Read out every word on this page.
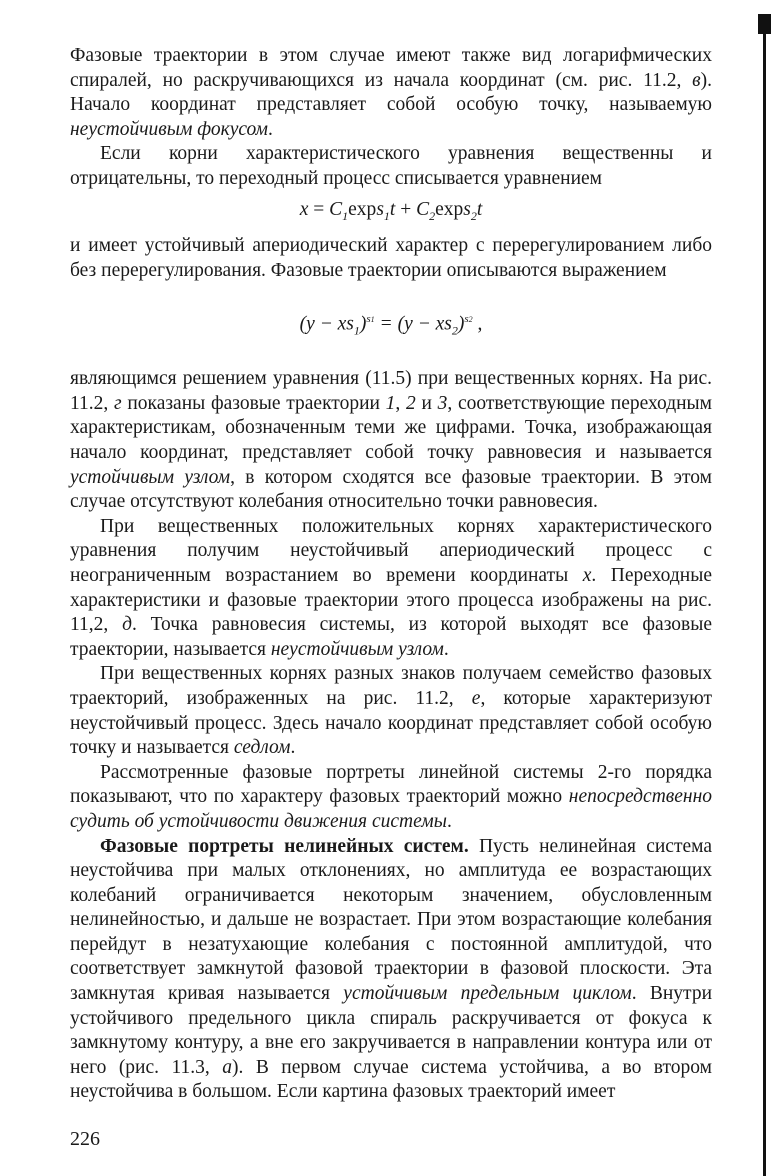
Фазовые траектории в этом случае имеют также вид логарифмических спиралей, но раскручивающихся из начала координат (см. рис. 11.2, в). Начало координат представляет собой особую точку, называемую неустойчивым фокусом.

Если корни характеристического уравнения вещественны и отрицательны, то переходный процесс списывается уравнением

$x = C_1\exp s_1t + C_2\exp s_2t$

и имеет устойчивый апериодический характер с перерегулированием либо без перерегулирования. Фазовые траектории описываются выражением

$(y - xs_1)^{s1} = (y - xs_2)^{s2}$ ,

являющимся решением уравнения (11.5) при вещественных корнях. На рис. 11.2, г показаны фазовые траектории 1, 2 и 3, соответствующие переходным характеристикам, обозначенным теми же цифрами. Точка, изображающая начало координат, представляет собой точку равновесия и называется устойчивым узлом, в котором сходятся все фазовые траектории. В этом случае отсутствуют колебания относительно точки равновесия.

При вещественных положительных корнях характеристического уравнения получим неустойчивый апериодический процесс с неограниченным возрастанием во времени координаты x. Переходные характеристики и фазовые траектории этого процесса изображены на рис. 11,2, д. Точка равновесия системы, из которой выходят все фазовые траектории, называется неустойчивым узлом.

При вещественных корнях разных знаков получаем семейство фазовых траекторий, изображенных на рис. 11.2, е, которые характеризуют неустойчивый процесс. Здесь начало координат представляет собой особую точку и называется седлом.

Рассмотренные фазовые портреты линейной системы 2-го порядка показывают, что по характеру фазовых траекторий можно непосредственно судить об устойчивости движения системы.

Фазовые портреты нелинейных систем. Пусть нелинейная система неустойчива при малых отклонениях, но амплитуда ее возрастающих колебаний ограничивается некоторым значением, обусловленным нелинейностью, и дальше не возрастает. При этом возрастающие колебания перейдут в незатухающие колебания с постоянной амплитудой, что соответствует замкнутой фазовой траектории в фазовой плоскости. Эта замкнутая кривая называется устойчивым предельным циклом. Внутри устойчивого предельного цикла спираль раскручивается от фокуса к замкнутому контуру, а вне его закручивается в направлении контура или от него (рис. 11.3, а). В первом случае система устойчива, а во втором неустойчива в большом. Если картина фазовых траекторий имеет

226
